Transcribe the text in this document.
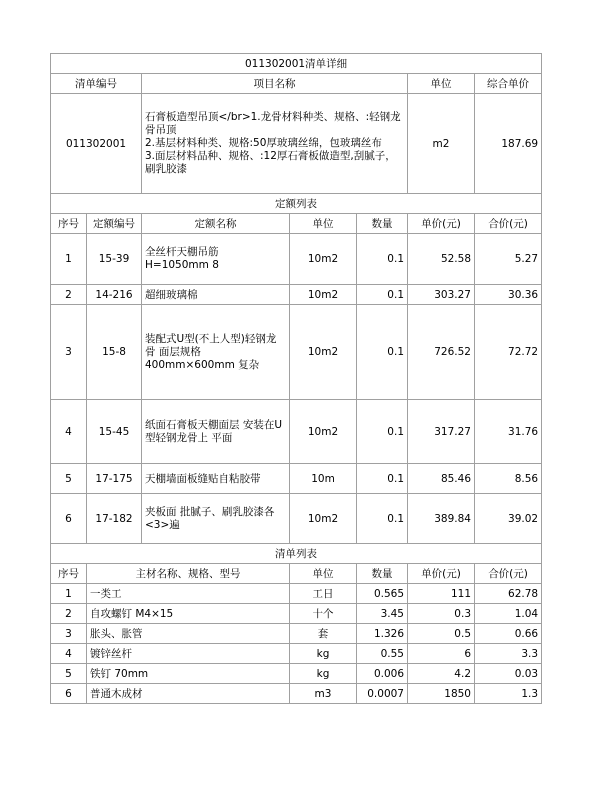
011302001清单详细						
清单编号		项目名称			单位	综合单价
011302001		石膏板造型吊顶</br>1.龙骨材料种类、规格、:轻钢龙骨吊顶
2.基层材料种类、规格:50厚玻璃丝绵，包玻璃丝布
3.面层材料品种、规格、:12厚石膏板做造型,刮腻子，刷乳胶漆			m2	187.69
定额列表						
序号	定额编号	定额名称	单位	数量	单价(元)	合价(元)
1	15-39	全丝杆天棚吊筋
H=1050mm 8	10m2	0.1	52.58	5.27
2	14-216	超细玻璃棉	10m2	0.1	303.27	30.36
3	15-8	装配式U型(不上人型)轻钢龙骨 面层规格
400mm×600mm 复杂	10m2	0.1	726.52	72.72
4	15-45	纸面石膏板天棚面层 安装在U型轻钢龙骨上 平面	10m2	0.1	317.27	31.76
5	17-175	天棚墙面板缝贴自粘胶带	10m	0.1	85.46	8.56
6	17-182	夹板面 批腻子、刷乳胶漆各<3>遍	10m2	0.1	389.84	39.02
清单列表						
序号	主材名称、规格、型号		单位	数量	单价(元)	合价(元)
1	一类工		工日	0.565	111	62.78
2	自攻螺钉 M4×15		十个	3.45	0.3	1.04
3	胀头、胀管		套	1.326	0.5	0.66
4	镀锌丝杆		kg	0.55	6	3.3
5	铁钉 70mm		kg	0.006	4.2	0.03
6	普通木成材		m3	0.0007	1850	1.3
